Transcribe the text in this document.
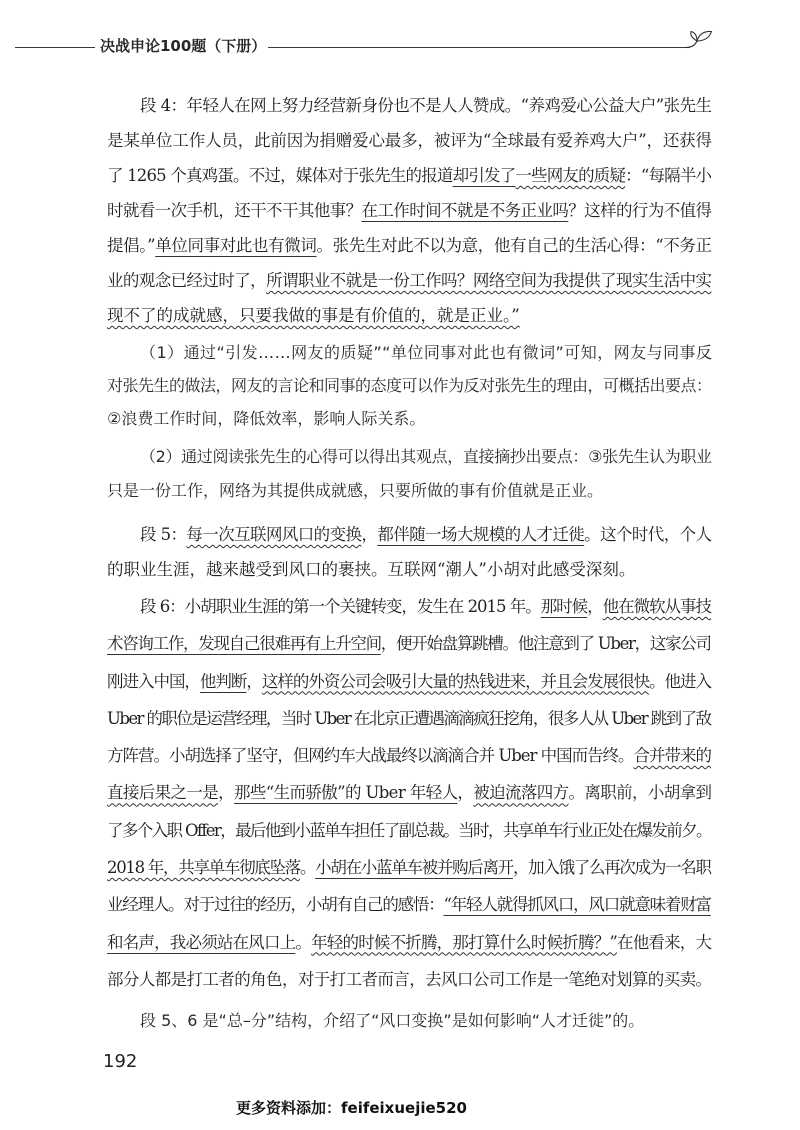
决战申论100题（下册）
段 4：年轻人在网上努力经营新身份也不是人人赞成。“养鸡爱心公益大户”张先生
是某单位工作人员，此前因为捐赠爱心最多，被评为“全球最有爱养鸡大户”，还获得
了 1265 个真鸡蛋。不过，媒体对于张先生的报道却引发了一些网友的质疑：“每隔半小
时就看一次手机，还干不干其他事？在工作时间不就是不务正业吗？这样的行为不值得
提倡。”单位同事对此也有微词。张先生对此不以为意，他有自己的生活心得：“不务正
业的观念已经过时了，所谓职业不就是一份工作吗？网络空间为我提供了现实生活中实
现不了的成就感，只要我做的事是有价值的，就是正业。”
（1）通过“引发……网友的质疑”“单位同事对此也有微词”可知，网友与同事反
对张先生的做法，网友的言论和同事的态度可以作为反对张先生的理由，可概括出要点：
②浪费工作时间，降低效率，影响人际关系。
（2）通过阅读张先生的心得可以得出其观点，直接摘抄出要点：③张先生认为职业
只是一份工作，网络为其提供成就感，只要所做的事有价值就是正业。
段 5：每一次互联网风口的变换，都伴随一场大规模的人才迁徙。这个时代，个人
的职业生涯，越来越受到风口的裹挟。互联网“潮人”小胡对此感受深刻。
段 6：小胡职业生涯的第一个关键转变，发生在 2015 年。那时候，他在微软从事技
术咨询工作，发现自己很难再有上升空间，便开始盘算跳槽。他注意到了 Uber，这家公司
刚进入中国，他判断，这样的外资公司会吸引大量的热钱进来，并且会发展很快。他进入
Uber 的职位是运营经理，当时 Uber 在北京正遭遇滴滴疯狂挖角，很多人从 Uber 跳到了敌
方阵营。小胡选择了坚守，但网约车大战最终以滴滴合并 Uber 中国而告终。合并带来的
直接后果之一是，那些“生而骄傲”的 Uber 年轻人，被迫流落四方。离职前，小胡拿到
了多个入职 Offer，最后他到小蓝单车担任了副总裁。当时，共享单车行业正处在爆发前夕。
2018 年，共享单车彻底坠落。小胡在小蓝单车被并购后离开，加入饿了么再次成为一名职
业经理人。对于过往的经历，小胡有自己的感悟：“年轻人就得抓风口，风口就意味着财富
和名声，我必须站在风口上。年轻的时候不折腾，那打算什么时候折腾？”在他看来，大
部分人都是打工者的角色，对于打工者而言，去风口公司工作是一笔绝对划算的买卖。
段 5、6 是“总–分”结构，介绍了“风口变换”是如何影响“人才迁徙”的。
192
更多资料添加：feifeixuejie520
